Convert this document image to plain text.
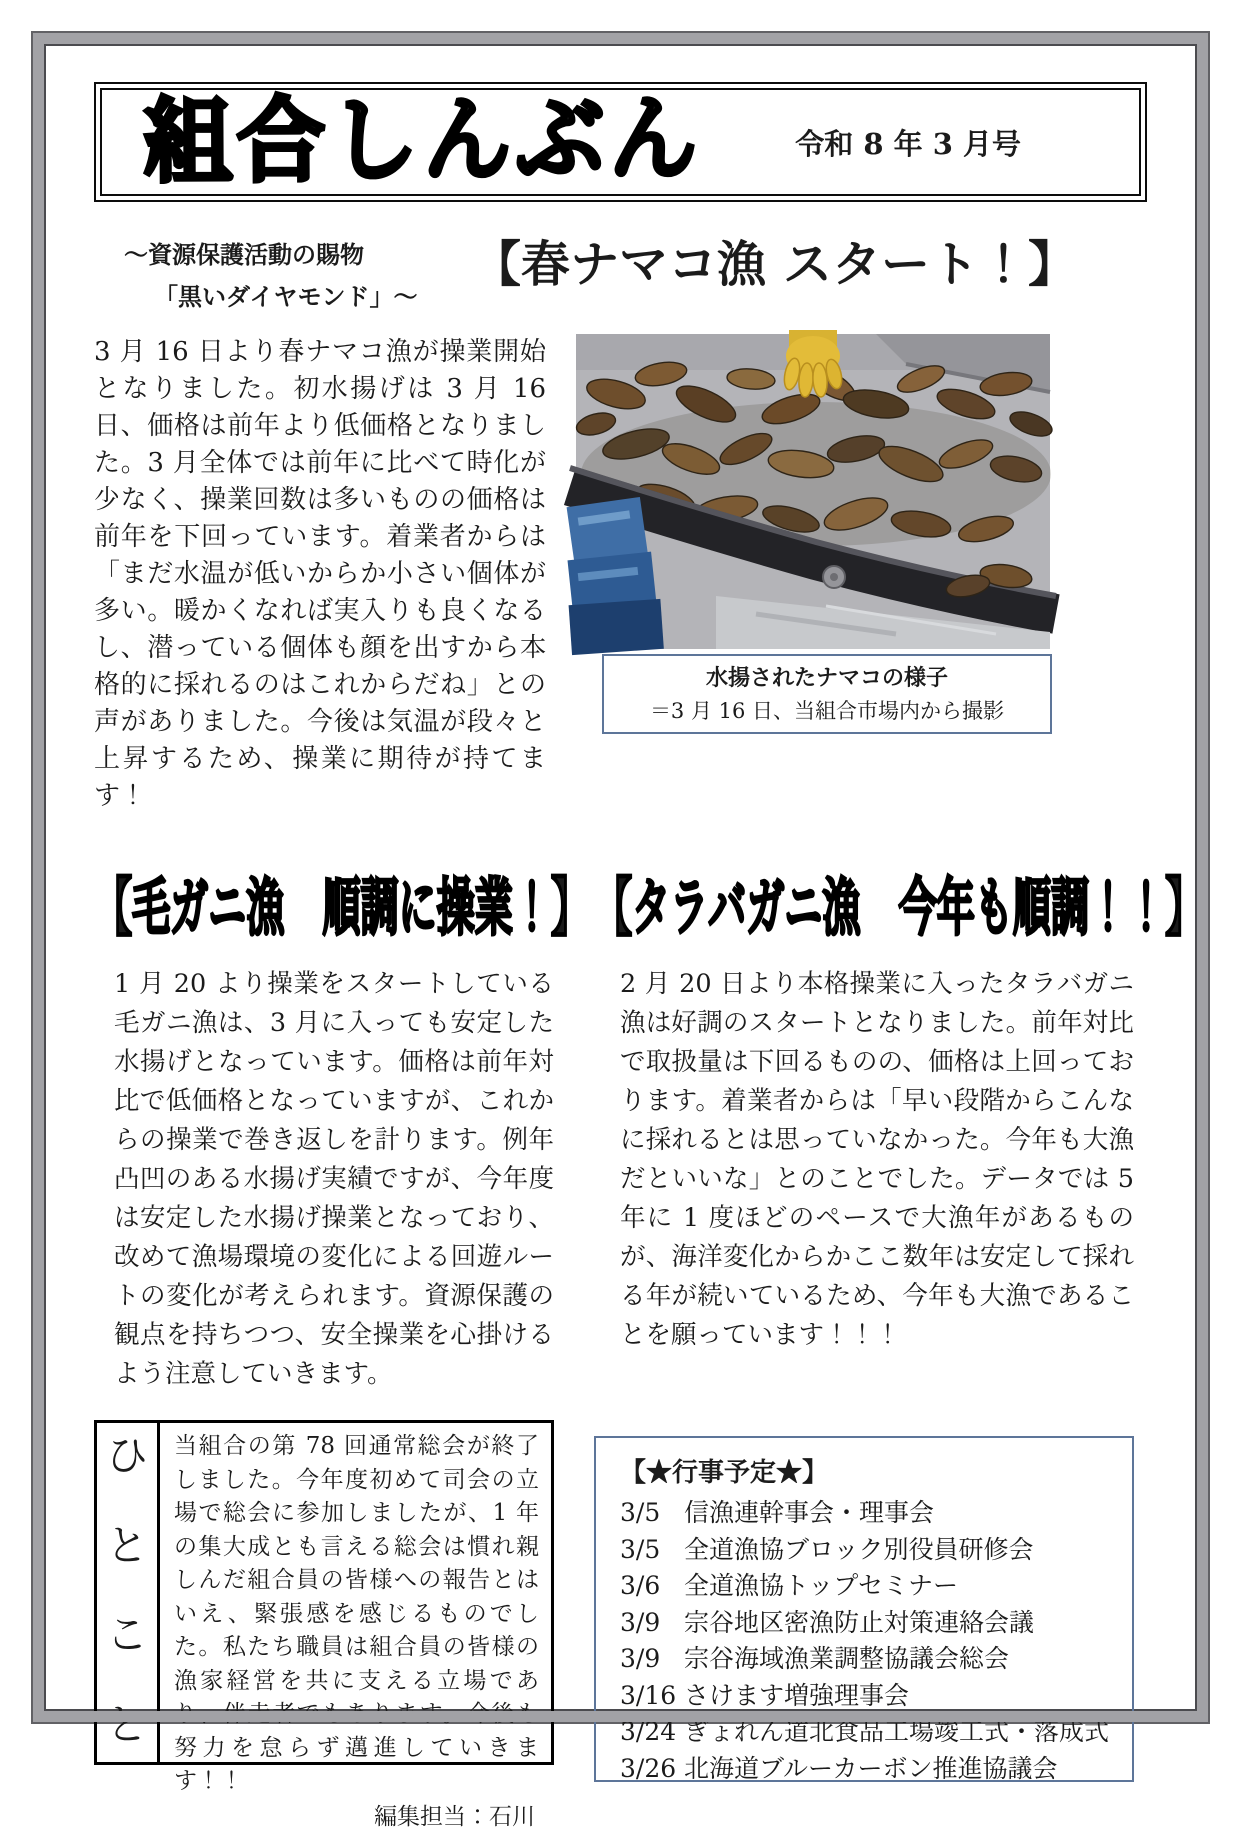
組合しんぶん	令和 8 年 3 月号
～資源保護活動の賜物
「黒いダイヤモンド」～
【春ナマコ漁 スタート！】
3 月 16 日より春ナマコ漁が操業開始となりました。初水揚げは 3 月 16 日、価格は前年より低価格となりました。3 月全体では前年に比べて時化が少なく、操業回数は多いものの価格は前年を下回っています。着業者からは「まだ水温が低いからか小さい個体が多い。暖かくなれば実入りも良くなるし、潜っている個体も顔を出すから本格的に採れるのはこれからだね」との声がありました。今後は気温が段々と上昇するため、操業に期待が持てます！
水揚されたナマコの様子
＝3 月 16 日、当組合市場内から撮影
【毛ガニ漁　順調に操業！】 【タラバガニ漁　今年も順調！！】
1 月 20 より操業をスタートしている毛ガニ漁は、3 月に入っても安定した水揚げとなっています。価格は前年対比で低価格となっていますが、これからの操業で巻き返しを計ります。例年凸凹のある水揚げ実績ですが、今年度は安定した水揚げ操業となっており、改めて漁場環境の変化による回遊ルートの変化が考えられます。資源保護の観点を持ちつつ、安全操業を心掛けるよう注意していきます。
2 月 20 日より本格操業に入ったタラバガニ漁は好調のスタートとなりました。前年対比で取扱量は下回るものの、価格は上回っております。着業者からは「早い段階からこんなに採れるとは思っていなかった。今年も大漁だといいな」とのことでした。データでは 5 年に 1 度ほどのペースで大漁年があるものが、海洋変化からかここ数年は安定して採れる年が続いているため、今年も大漁であることを願っています！！！
ひ
と
こ
と
当組合の第 78 回通常総会が終了しました。今年度初めて司会の立場で総会に参加しましたが、1 年の集大成とも言える総会は慣れ親しんだ組合員の皆様への報告とはいえ、緊張感を感じるものでした。私たち職員は組合員の皆様の漁家経営を共に支える立場であり、伴走者でもあります。今後も努力を怠らず邁進していきます！！
編集担当：石川
【★行事予定★】
3/5 信漁連幹事会・理事会
3/5 全道漁協ブロック別役員研修会
3/6 全道漁協トップセミナー
3/9 宗谷地区密漁防止対策連絡会議
3/9 宗谷海域漁業調整協議会総会
3/16 さけます増強理事会
3/24 ぎょれん道北食品工場竣工式・落成式
3/26 北海道ブルーカーボン推進協議会
